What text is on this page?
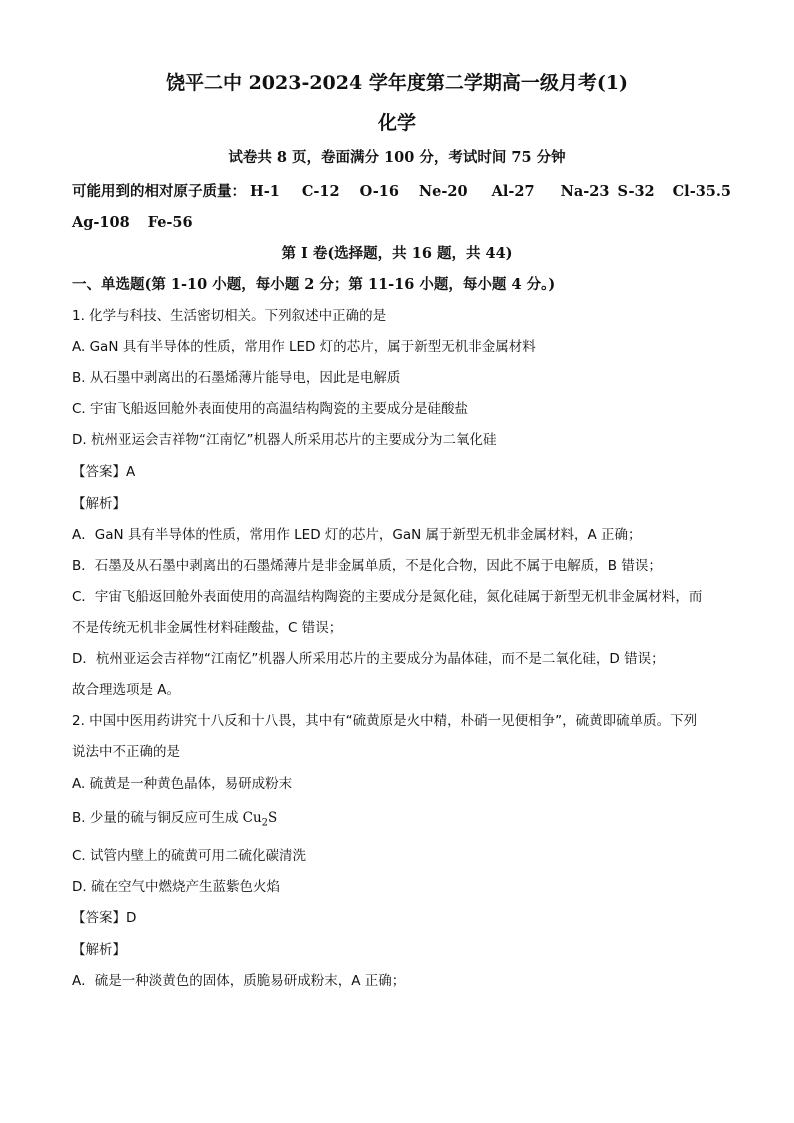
饶平二中 2023-2024 学年度第二学期高一级月考(1)
化学
试卷共 8 页，卷面满分 100 分，考试时间 75 分钟
可能用到的相对原子质量： H-1 C-12 O-16 Ne-20 Al-27 Na-23 S-32 Cl-35.5
Ag-108 Fe-56
第 I 卷(选择题，共 16 题，共 44)
一、单选题(第 1-10 小题，每小题 2 分；第 11-16 小题，每小题 4 分。)
1. 化学与科技、生活密切相关。下列叙述中正确的是
A. GaN 具有半导体的性质，常用作 LED 灯的芯片，属于新型无机非金属材料
B. 从石墨中剥离出的石墨烯薄片能导电，因此是电解质
C. 宇宙飞船返回舱外表面使用的高温结构陶瓷的主要成分是硅酸盐
D. 杭州亚运会吉祥物“江南忆”机器人所采用芯片的主要成分为二氧化硅
【答案】A
【解析】
A．GaN 具有半导体的性质，常用作 LED 灯的芯片，GaN 属于新型无机非金属材料，A 正确；
B．石墨及从石墨中剥离出的石墨烯薄片是非金属单质，不是化合物，因此不属于电解质，B 错误；
C．宇宙飞船返回舱外表面使用的高温结构陶瓷的主要成分是氮化硅，氮化硅属于新型无机非金属材料，而
不是传统无机非金属性材料硅酸盐，C 错误；
D．杭州亚运会吉祥物“江南忆”机器人所采用芯片的主要成分为晶体硅，而不是二氧化硅，D 错误；
故合理选项是 A。
2. 中国中医用药讲究十八反和十八畏，其中有“硫黄原是火中精，朴硝一见便相争”，硫黄即硫单质。下列
说法中不正确的是
A. 硫黄是一种黄色晶体，易研成粉末
B. 少量的硫与铜反应可生成 $Cu_2S$
C. 试管内壁上的硫黄可用二硫化碳清洗
D. 硫在空气中燃烧产生蓝紫色火焰
【答案】D
【解析】
A．硫是一种淡黄色的固体，质脆易研成粉末，A 正确；
